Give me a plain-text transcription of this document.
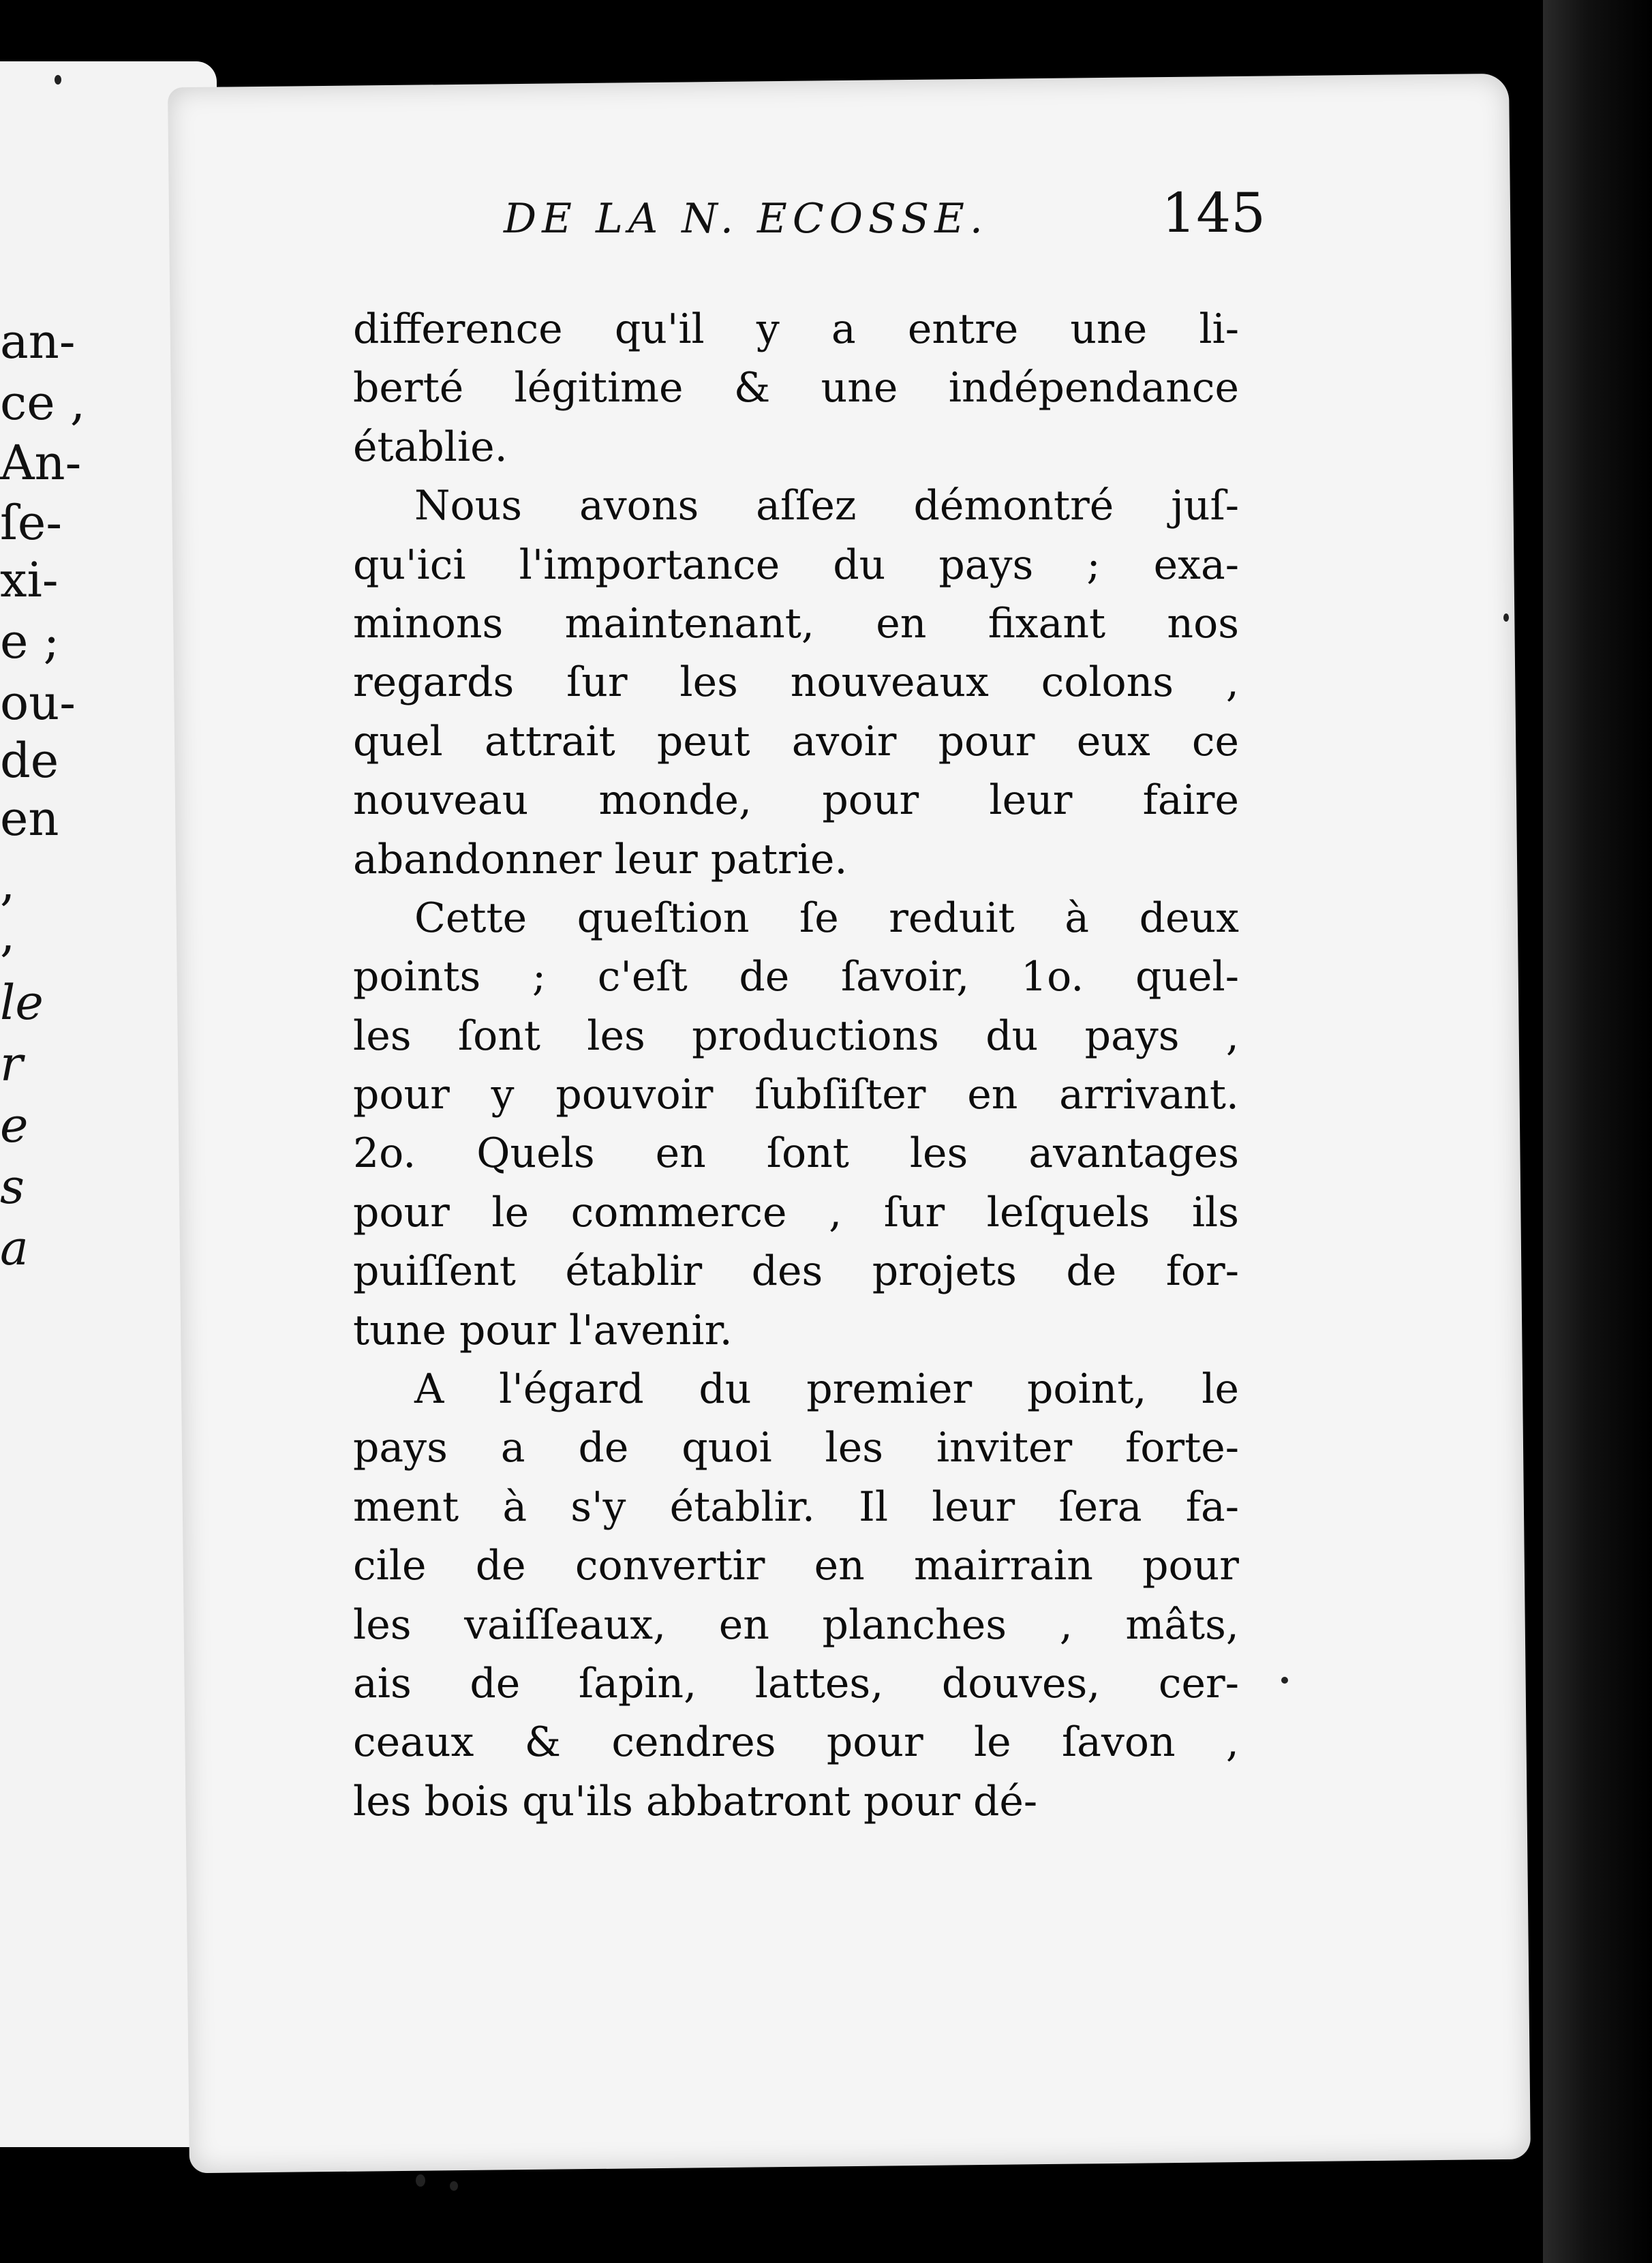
an-
ce ,
An-
ſe-
xi-
e ;
ou-
de
en
,
,
le
r
e
s
a
DE LA N. ECOSSE.	145
difference qu'il y a entre une li-
berté légitime & une indépendance
établie.
Nous avons aſſez démontré juſ-
qu'ici l'importance du pays ; exa-
minons maintenant, en fixant nos
regards ſur les nouveaux colons ,
quel attrait peut avoir pour eux ce
nouveau monde, pour leur faire
abandonner leur patrie.
Cette queſtion ſe reduit à deux
points ; c'eſt de ſavoir, 1o. quel-
les ſont les productions du pays ,
pour y pouvoir ſubſiſter en arrivant.
2o. Quels en ſont les avantages
pour le commerce , ſur leſquels ils
puiſſent établir des projets de for-
tune pour l'avenir.
A l'égard du premier point, le
pays a de quoi les inviter forte-
ment à s'y établir. Il leur ſera fa-
cile de convertir en mairrain pour
les vaiſſeaux, en planches , mâts,
ais de ſapin, lattes, douves, cer-
ceaux & cendres pour le ſavon ,
les bois qu'ils abbatront pour dé-
